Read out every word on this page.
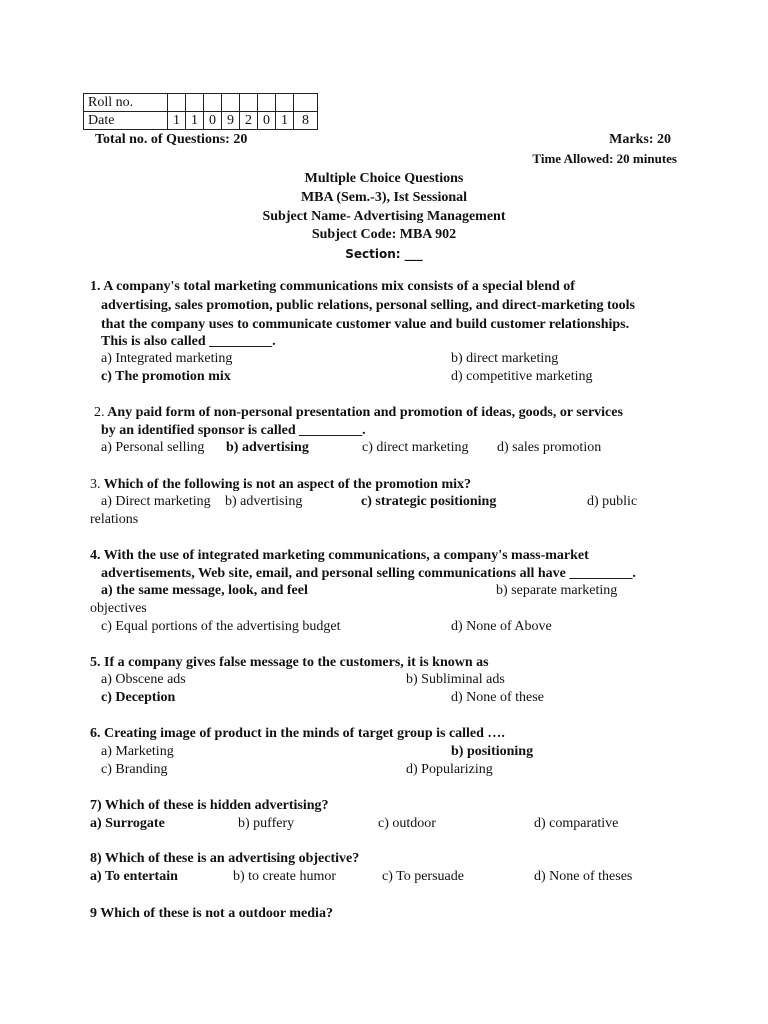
Roll no.								
Date	1	1	0	9	2	0	1	8
Total no. of Questions: 20	Marks: 20
Time Allowed: 20 minutes
Multiple Choice Questions
MBA (Sem.-3), Ist Sessional
Subject Name- Advertising Management
Subject Code: MBA 902
Section: ___
1. A company's total marketing communications mix consists of a special blend of
advertising, sales promotion, public relations, personal selling, and direct-marketing tools
that the company uses to communicate customer value and build customer relationships.
This is also called _________.
a) Integrated marketing	b) direct marketing
c) The promotion mix	d) competitive marketing
2. Any paid form of non-personal presentation and promotion of ideas, goods, or services
by an identified sponsor is called _________.
a) Personal selling b) advertising	c) direct marketing d) sales promotion
3. Which of the following is not an aspect of the promotion mix?
a) Direct marketing b) advertising	c) strategic positioning	d) public
relations
4. With the use of integrated marketing communications, a company's mass-market
advertisements, Web site, email, and personal selling communications all have _________.
a) the same message, look, and feel	b) separate marketing
objectives
c) Equal portions of the advertising budget	d) None of Above
5. If a company gives false message to the customers, it is known as
a) Obscene ads	b) Subliminal ads
c) Deception	d) None of these
6. Creating image of product in the minds of target group is called ….
a) Marketing	b) positioning
c) Branding	d) Popularizing
7) Which of these is hidden advertising?
a) Surrogate	b) puffery	c) outdoor	d) comparative
8) Which of these is an advertising objective?
a) To entertain	b) to create humor	c) To persuade	d) None of theses
9 Which of these is not a outdoor media?
